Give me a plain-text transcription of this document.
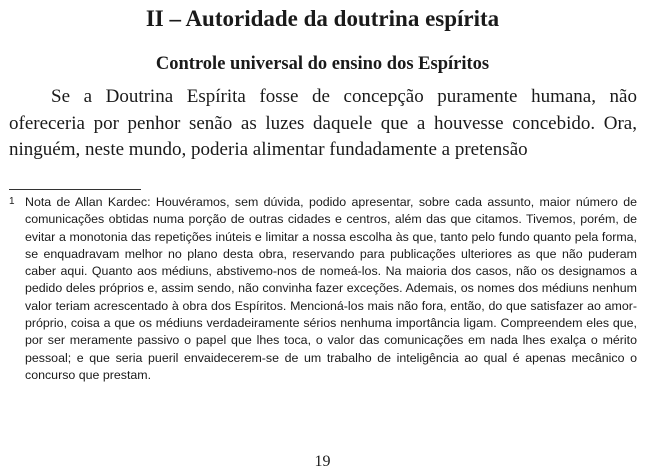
II – Autoridade da doutrina espírita
Controle universal do ensino dos Espíritos

Se a Doutrina Espírita fosse de concepção puramente humana, não ofereceria por penhor senão as luzes daquele que a houvesse concebido. Ora, ninguém, neste mundo, poderia alimentar fundadamente a pretensão

1 Nota de Allan Kardec: Houvéramos, sem dúvida, podido apresentar, sobre cada assunto, maior número de comunicações obtidas numa porção de outras cidades e centros, além das que citamos. Tivemos, porém, de evitar a monotonia das repetições inúteis e limitar a nossa escolha às que, tanto pelo fundo quanto pela forma, se enquadravam melhor no plano desta obra, reservando para publicações ulteriores as que não puderam caber aqui. Quanto aos médiuns, abstivemo-nos de nomeá-los. Na maioria dos casos, não os designamos a pedido deles próprios e, assim sendo, não convinha fazer exceções. Ademais, os nomes dos médiuns nenhum valor teriam acrescentado à obra dos Espíritos. Mencioná-los mais não fora, então, do que satisfazer ao amor-próprio, coisa a que os médiuns verdadeiramente sérios nenhuma importância ligam. Compreendem eles que, por ser meramente passivo o papel que lhes toca, o valor das comunicações em nada lhes exalça o mérito pessoal; e que seria pueril envaidecerem-se de um trabalho de inteligência ao qual é apenas mecânico o concurso que prestam.
19
